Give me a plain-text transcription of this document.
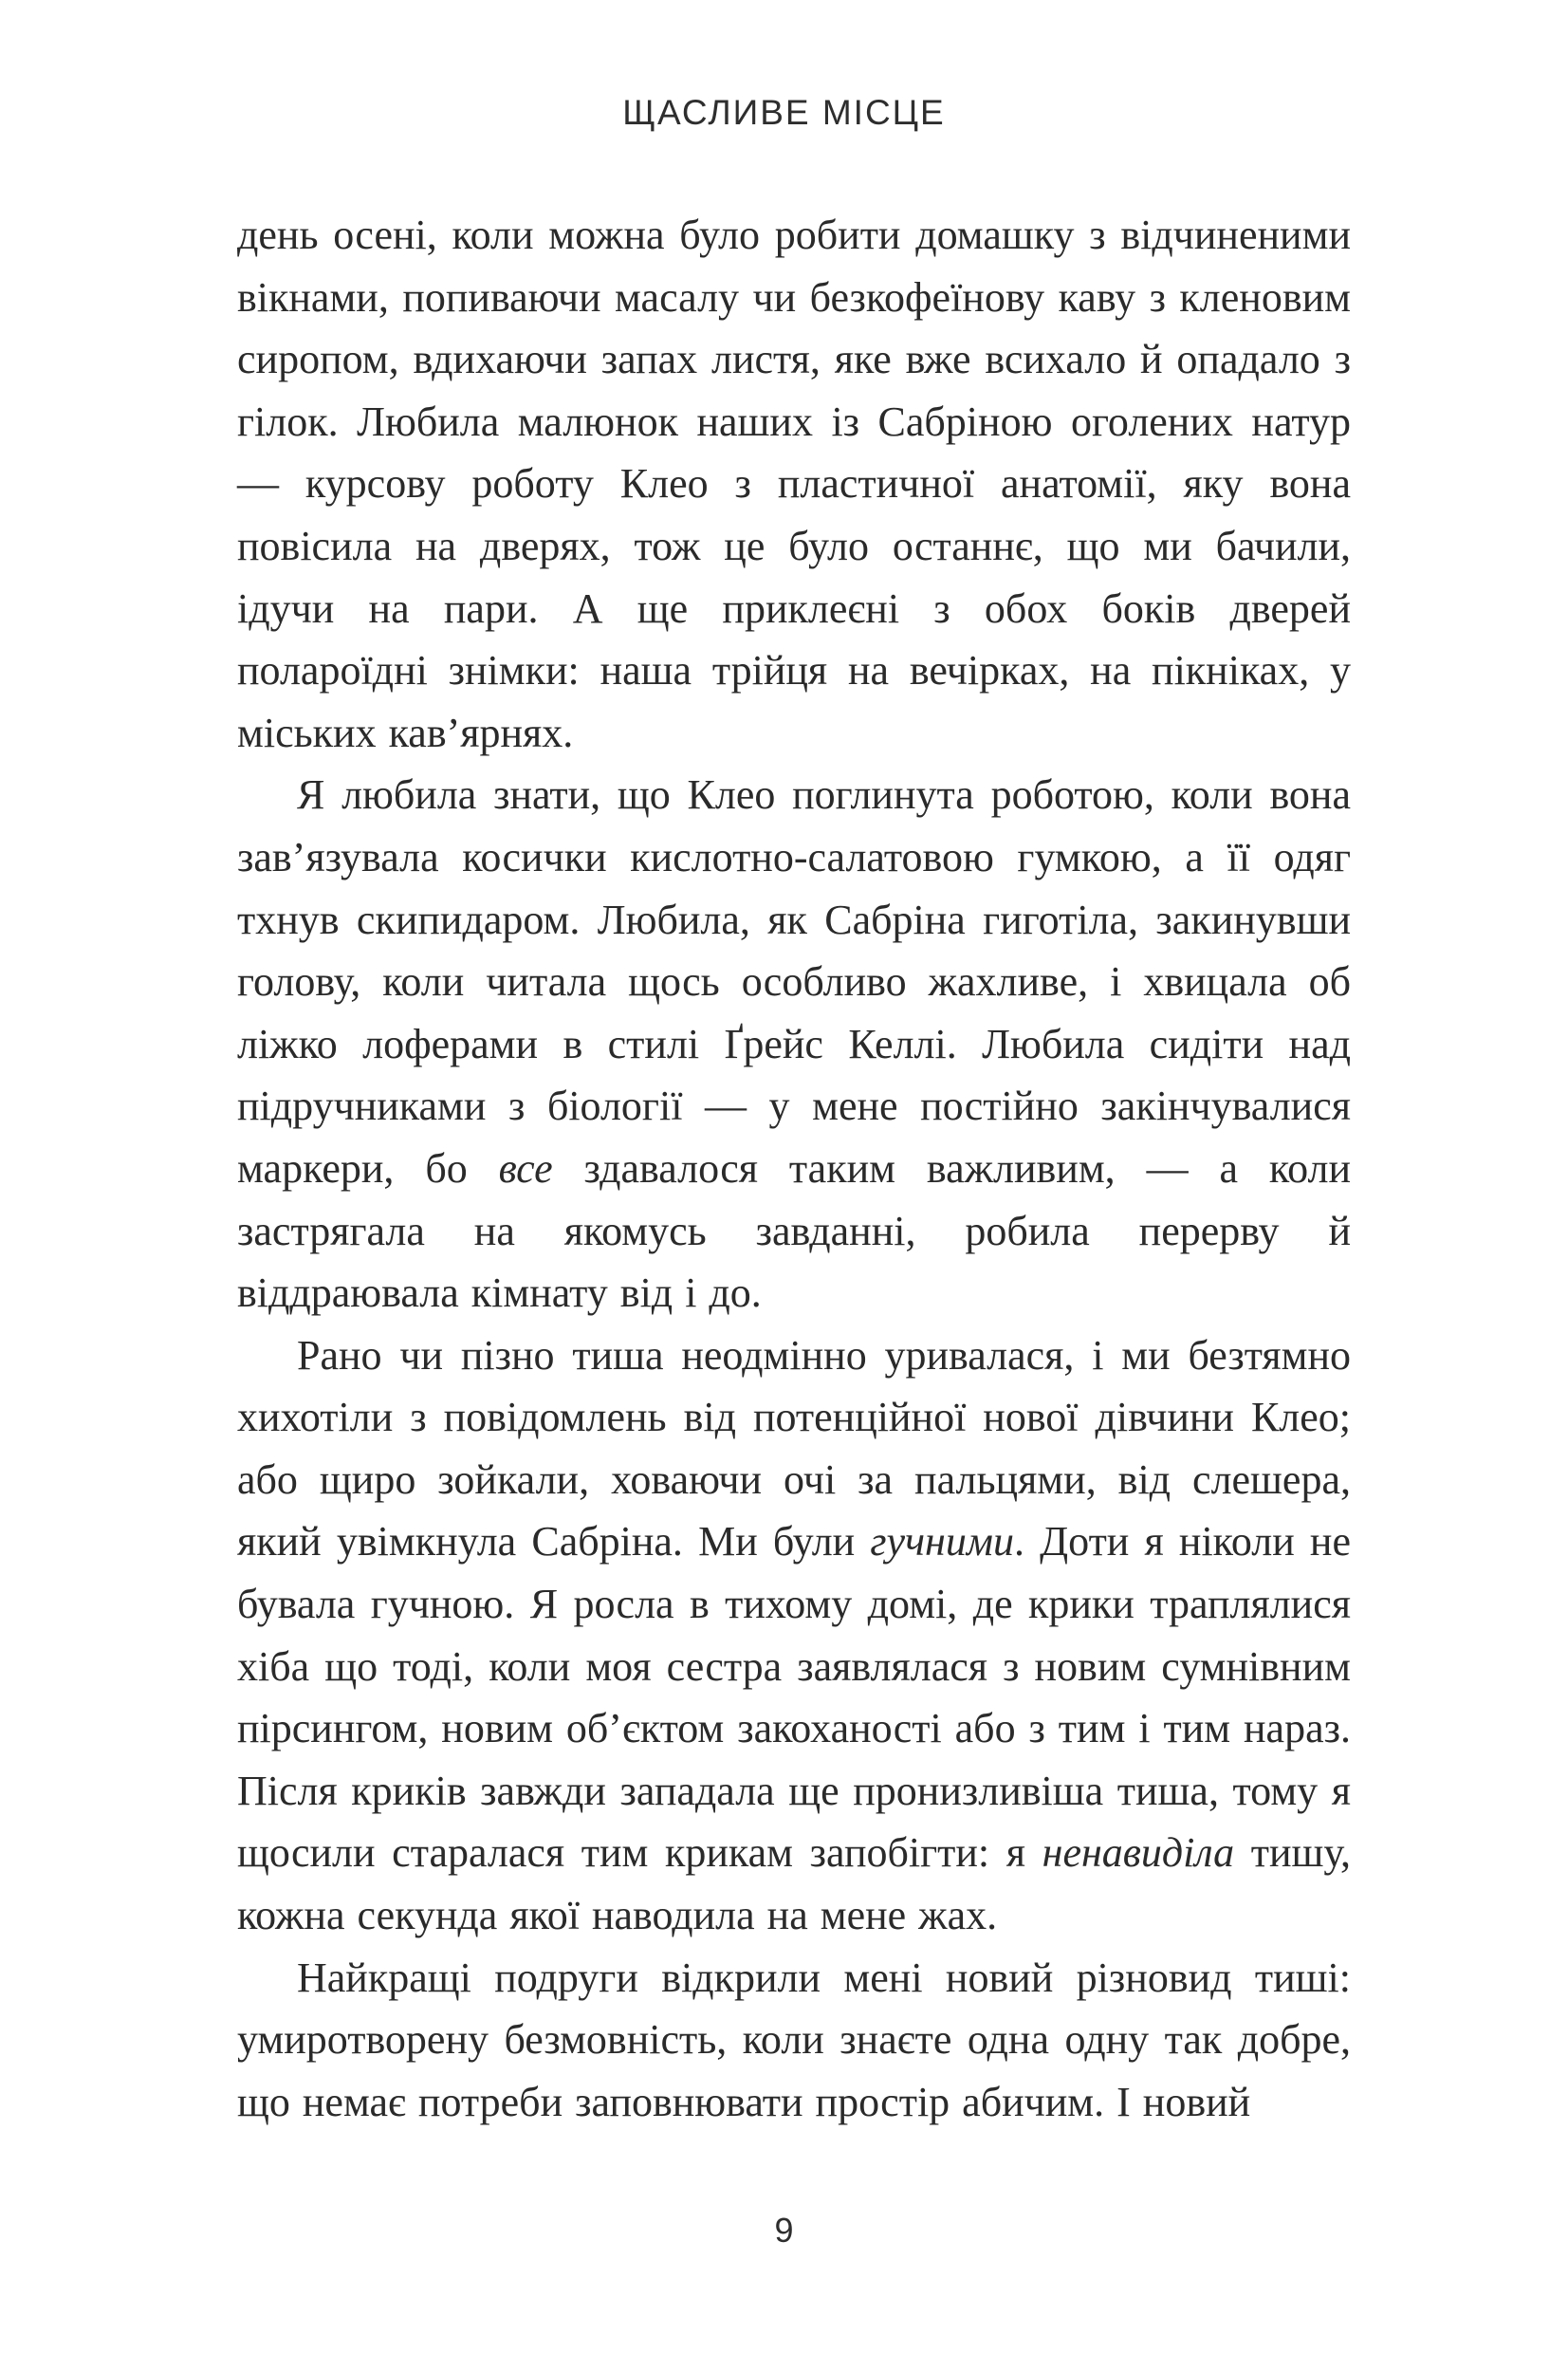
ЩАСЛИВЕ МІСЦЕ

день осені, коли можна було робити домашку з відчиненими вікнами, попиваючи масалу чи безкофеїнову каву з кленовим сиропом, вдихаючи запах листя, яке вже всихало й опадало з гілок. Любила малюнок наших із Сабріною оголених натур — курсову роботу Клео з пластичної анатомії, яку вона повісила на дверях, тож це було останнє, що ми бачили, ідучи на пари. А ще приклеєні з обох боків дверей полароїдні знімки: наша трійця на вечірках, на пікніках, у міських кав’ярнях.

Я любила знати, що Клео поглинута роботою, коли вона зав’язувала косички кислотно-салатовою гумкою, а її одяг тхнув скипидаром. Любила, як Сабріна гиготіла, закинувши голову, коли читала щось особливо жахливе, і хвицала об ліжко лоферами в стилі Ґрейс Келлі. Любила сидіти над підручниками з біології — у мене постійно закінчувалися маркери, бо все здавалося таким важливим, — а коли застрягала на якомусь завданні, робила перерву й віддраювала кімнату від і до.

Рано чи пізно тиша неодмінно уривалася, і ми безтямно хихотіли з повідомлень від потенційної нової дівчини Клео; або щиро зойкали, ховаючи очі за пальцями, від слешера, який увімкнула Сабріна. Ми були гучними. Доти я ніколи не бувала гучною. Я росла в тихому домі, де крики траплялися хіба що тоді, коли моя сестра заявлялася з новим сумнівним пірсингом, новим об’єктом закоханості або з тим і тим нараз. Після криків завжди западала ще пронизливіша тиша, тому я щосили старалася тим крикам запобігти: я ненавиділа тишу, кожна секунда якої наводила на мене жах.

Найкращі подруги відкрили мені новий різновид тиші: умиротворену безмовність, коли знаєте одна одну так добре, що немає потреби заповнювати простір абичим. І новий

9
